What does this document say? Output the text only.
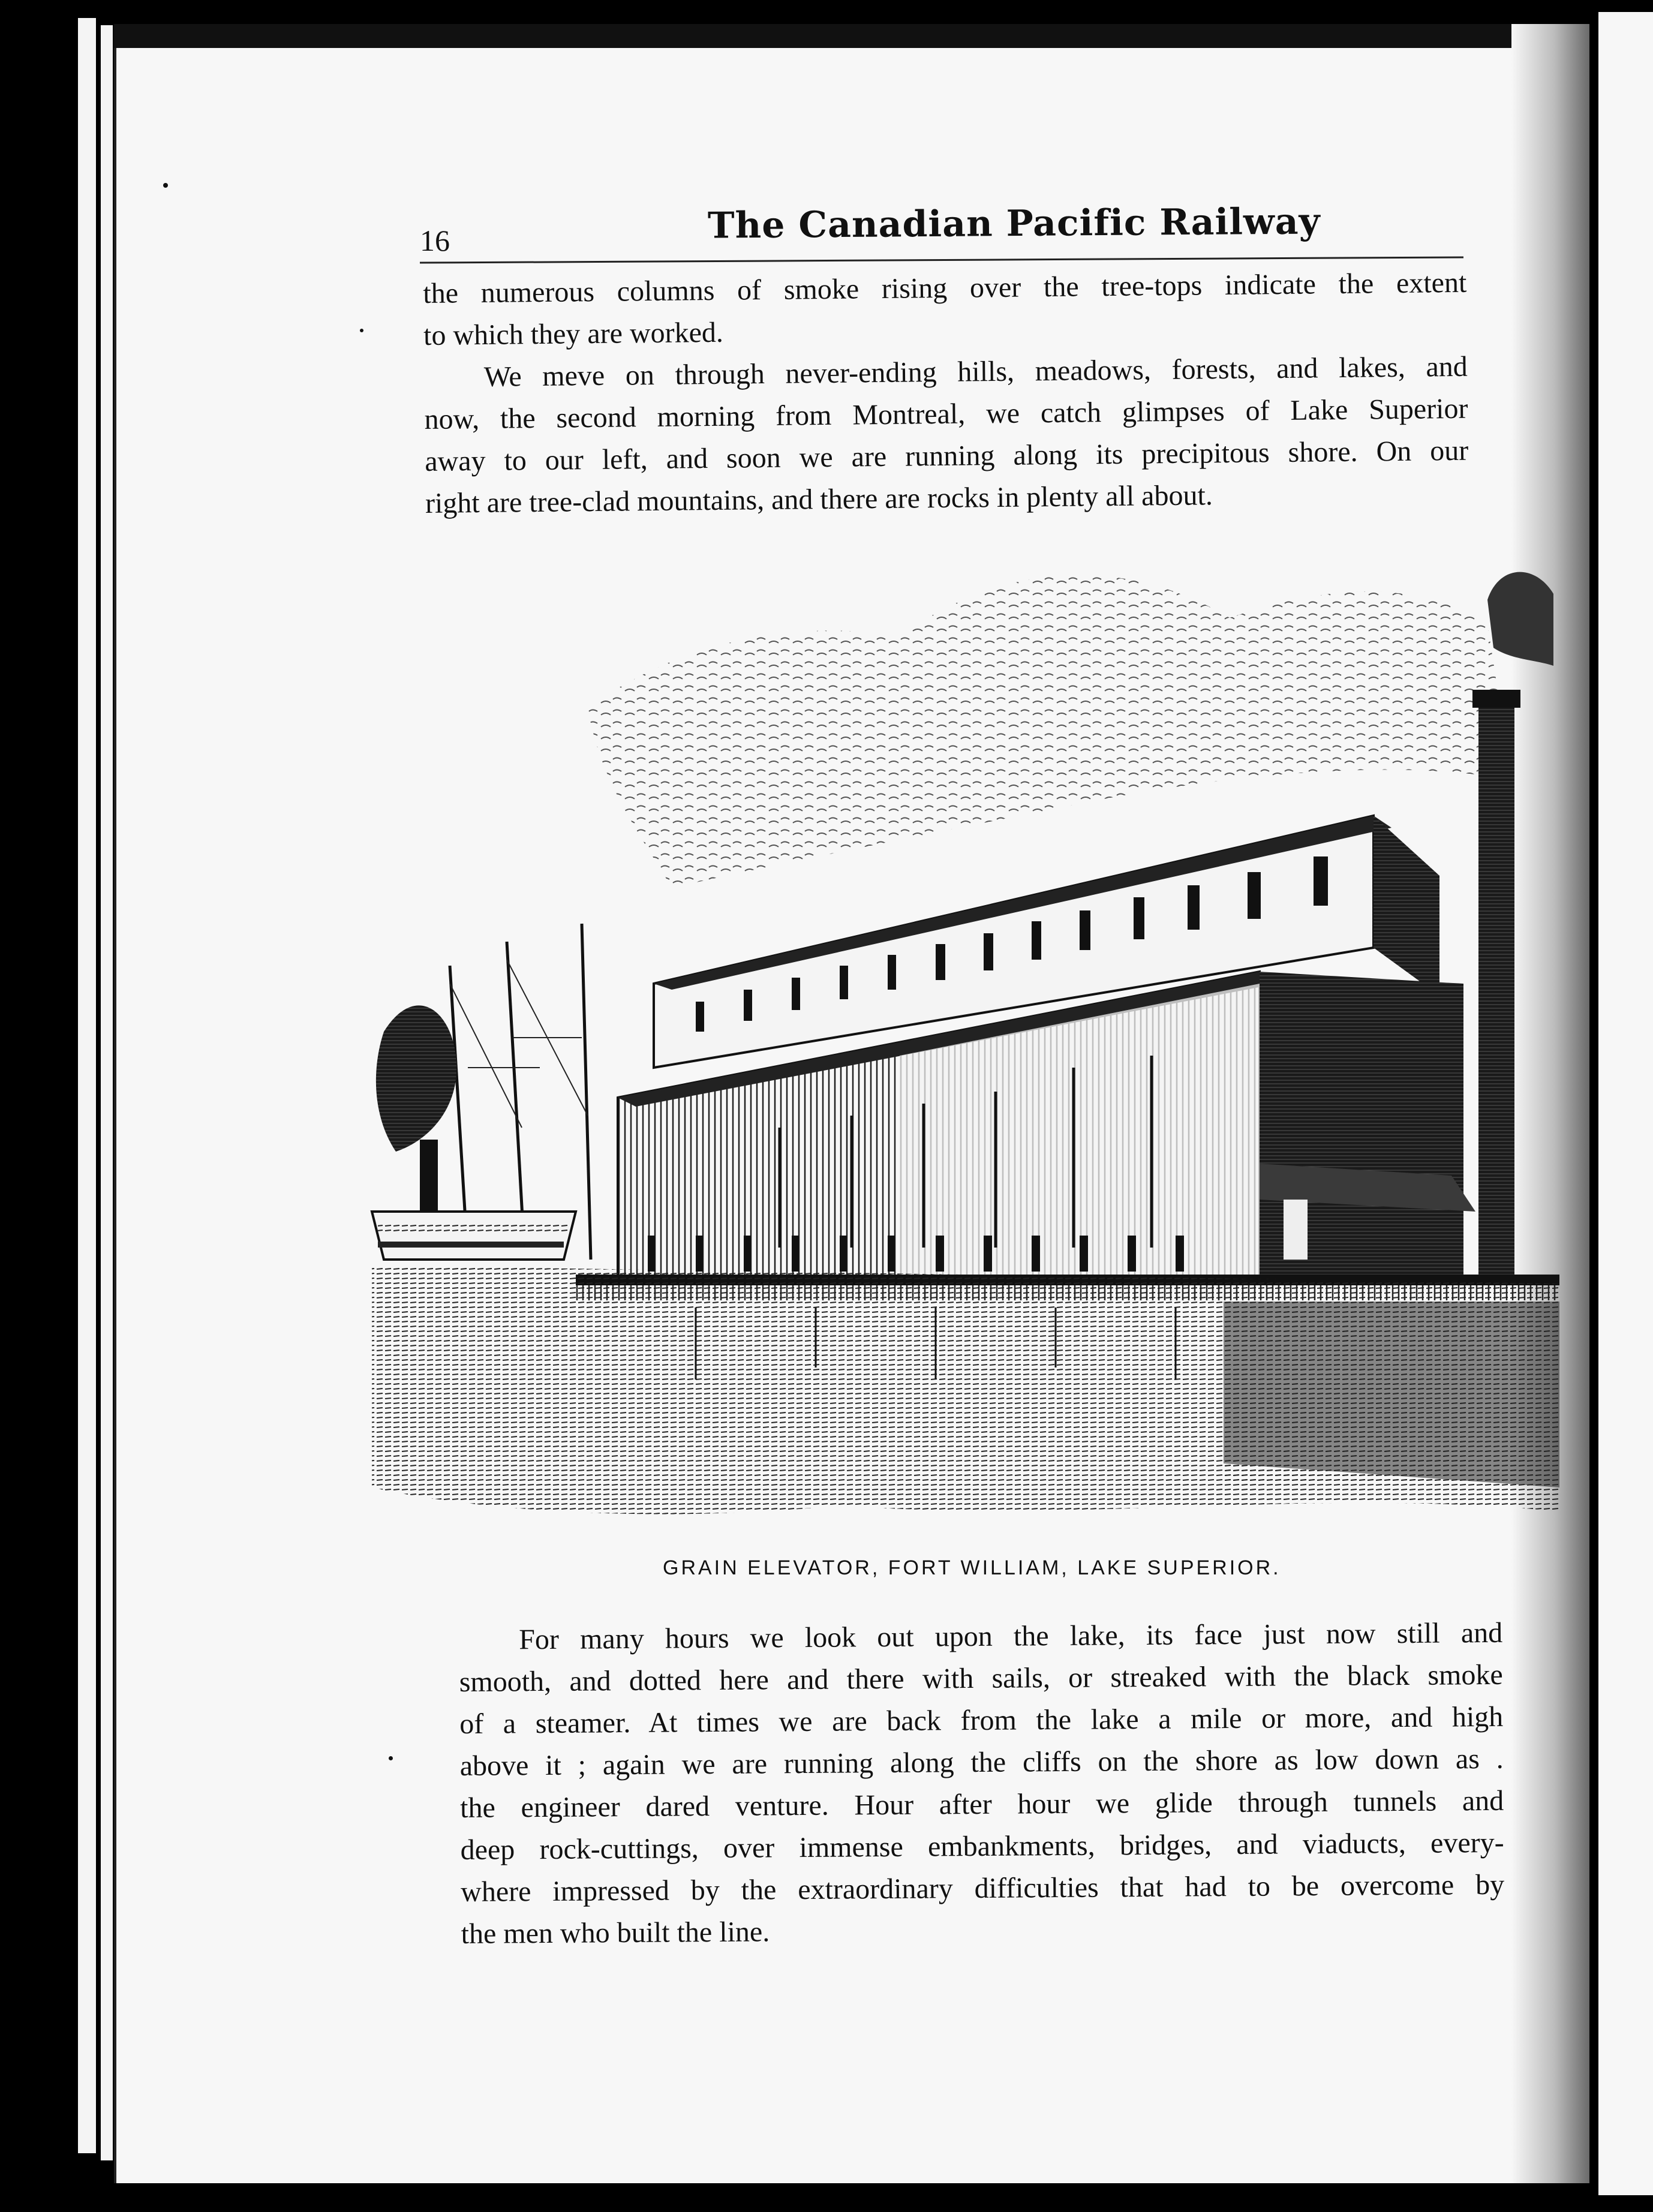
16	The Canadian Pacific Railway
the numerous columns of smoke rising over the tree-tops indicate the extent
to which they are worked.
We meve on through never-ending hills, meadows, forests, and lakes, and
now, the second morning from Montreal, we catch glimpses of Lake Superior
away to our left, and soon we are running along its precipitous shore. On our
right are tree-clad mountains, and there are rocks in plenty all about.
GRAIN ELEVATOR, FORT WILLIAM, LAKE SUPERIOR.
For many hours we look out upon the lake, its face just now still and
smooth, and dotted here and there with sails, or streaked with the black smoke
of a steamer. At times we are back from the lake a mile or more, and high
above it ; again we are running along the cliffs on the shore as low down as .
the engineer dared venture. Hour after hour we glide through tunnels and
deep rock-cuttings, over immense embankments, bridges, and viaducts, every-
where impressed by the extraordinary difficulties that had to be overcome by
the men who built the line.
